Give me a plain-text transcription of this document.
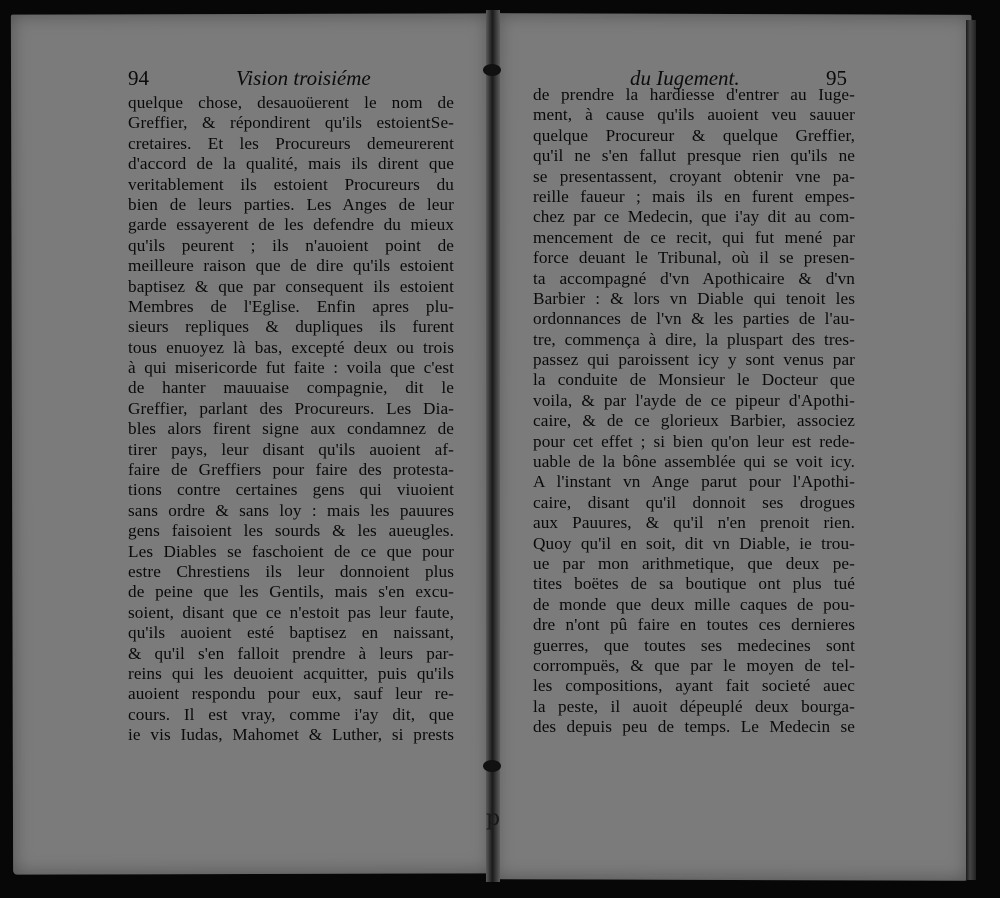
94	Vision troisiéme	du Iugement.	95
quelque chose, desauoüerent le nom de
Greffier, & répondirent qu'ils estoientSe-
cretaires. Et les Procureurs demeurerent
d'accord de la qualité, mais ils dirent que
veritablement ils estoient Procureurs du
bien de leurs parties. Les Anges de leur
garde essayerent de les defendre du mieux
qu'ils peurent ; ils n'auoient point de
meilleure raison que de dire qu'ils estoient
baptisez & que par consequent ils estoient
Membres de l'Eglise. Enfin apres plu-
sieurs repliques & dupliques ils furent
tous enuoyez là bas, excepté deux ou trois
à qui misericorde fut faite : voila que c'est
de hanter mauuaise compagnie, dit le
Greffier, parlant des Procureurs. Les Dia-
bles alors firent signe aux condamnez de
tirer pays, leur disant qu'ils auoient af-
faire de Greffiers pour faire des protesta-
tions contre certaines gens qui viuoient
sans ordre & sans loy : mais les pauures
gens faisoient les sourds & les aueugles.
Les Diables se faschoient de ce que pour
estre Chrestiens ils leur donnoient plus
de peine que les Gentils, mais s'en excu-
soient, disant que ce n'estoit pas leur faute,
qu'ils auoient esté baptisez en naissant,
& qu'il s'en falloit prendre à leurs par-
reins qui les deuoient acquitter, puis qu'ils
auoient respondu pour eux, sauf leur re-
cours. Il est vray, comme i'ay dit, que
ie vis Iudas, Mahomet & Luther, si prests
de prendre la hardiesse d'entrer au Iuge-
ment, à cause qu'ils auoient veu sauuer
quelque Procureur & quelque Greffier,
qu'il ne s'en fallut presque rien qu'ils ne
se presentassent, croyant obtenir vne pa-
reille faueur ; mais ils en furent empes-
chez par ce Medecin, que i'ay dit au com-
mencement de ce recit, qui fut mené par
force deuant le Tribunal, où il se presen-
ta accompagné d'vn Apothicaire & d'vn
Barbier : & lors vn Diable qui tenoit les
ordonnances de l'vn & les parties de l'au-
tre, commença à dire, la pluspart des tres-
passez qui paroissent icy y sont venus par
la conduite de Monsieur le Docteur que
voila, & par l'ayde de ce pipeur d'Apothi-
caire, & de ce glorieux Barbier, associez
pour cet effet ; si bien qu'on leur est rede-
uable de la bône assemblée qui se voit icy.
A l'instant vn Ange parut pour l'Apothi-
caire, disant qu'il donnoit ses drogues
aux Pauures, & qu'il n'en prenoit rien.
Quoy qu'il en soit, dit vn Diable, ie trou-
ue par mon arithmetique, que deux pe-
tites boëtes de sa boutique ont plus tué
de monde que deux mille caques de pou-
dre n'ont pû faire en toutes ces dernieres
guerres, que toutes ses medecines sont
corrompuës, & que par le moyen de tel-
les compositions, ayant fait societé auec
la peste, il auoit dépeuplé deux bourga-
des depuis peu de temps. Le Medecin se
p
